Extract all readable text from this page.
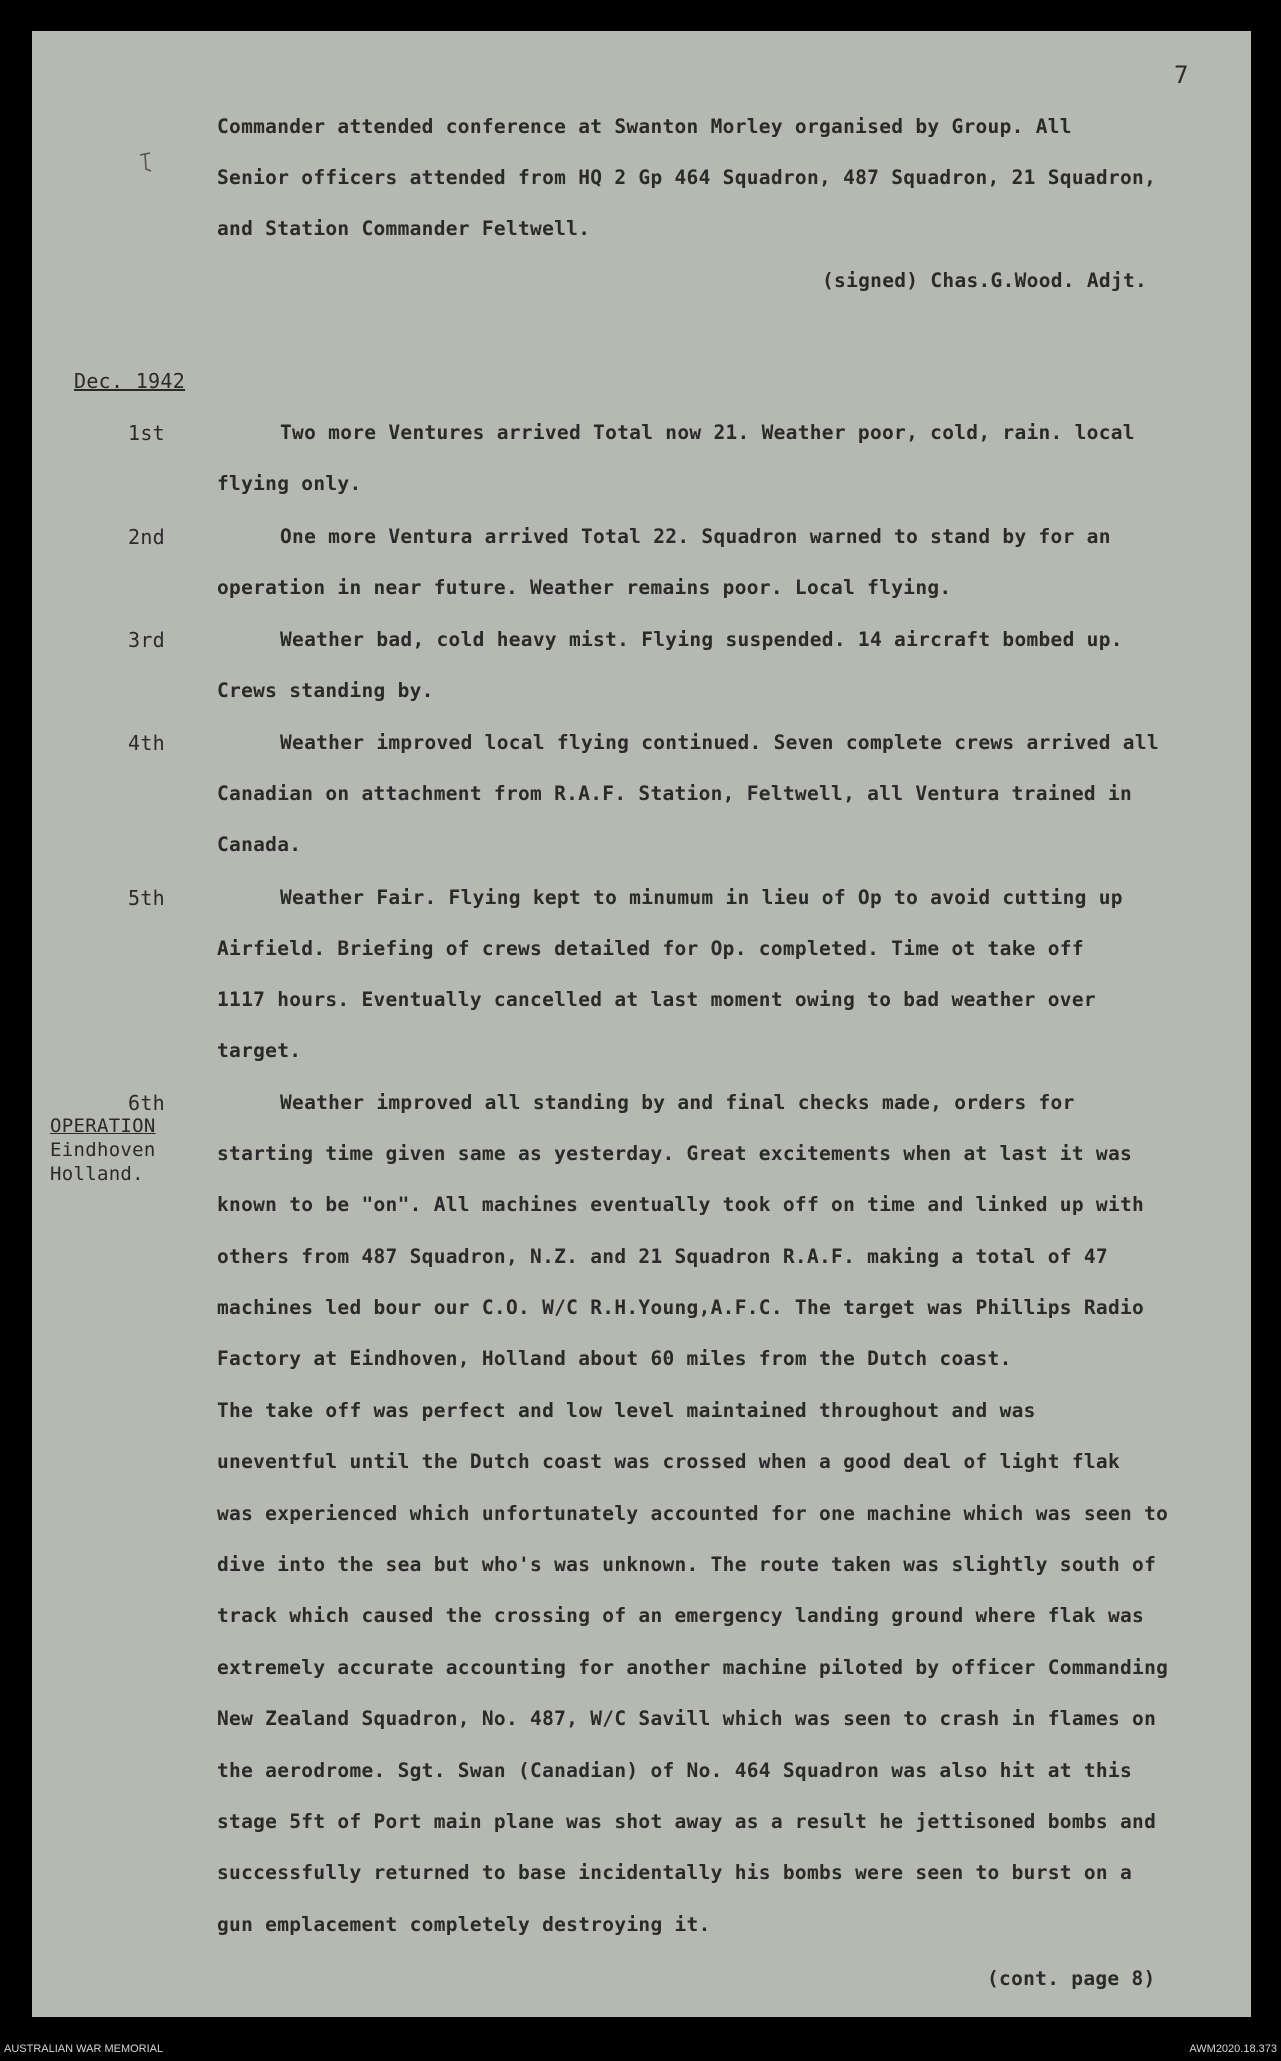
7
Commander attended conference at Swanton Morley organised by Group. All
Senior officers attended from HQ 2 Gp 464 Squadron, 487 Squadron, 21 Squadron,
and Station Commander Feltwell.
(signed) Chas.G.Wood. Adjt.
Dec. 1942
1st	Two more Ventures arrived Total now 21. Weather poor, cold, rain. local
flying only.
2nd	One more Ventura arrived Total 22. Squadron warned to stand by for an
operation in near future. Weather remains poor. Local flying.
3rd	Weather bad, cold heavy mist. Flying suspended. 14 aircraft bombed up.
Crews standing by.
4th	Weather improved local flying continued. Seven complete crews arrived all
Canadian on attachment from R.A.F. Station, Feltwell, all Ventura trained in
Canada.
5th	Weather Fair. Flying kept to minumum in lieu of Op to avoid cutting up
Airfield. Briefing of crews detailed for Op. completed. Time ot take off
1117 hours. Eventually cancelled at last moment owing to bad weather over
target.
6th
OPERATION
Eindhoven
Holland.
Weather improved all standing by and final checks made, orders for
starting time given same as yesterday. Great excitements when at last it was
known to be "on". All machines eventually took off on time and linked up with
others from 487 Squadron, N.Z. and 21 Squadron R.A.F. making a total of 47
machines led bour our C.O. W/C R.H.Young,A.F.C. The target was Phillips Radio
Factory at Eindhoven, Holland about 60 miles from the Dutch coast.
The take off was perfect and low level maintained throughout and was
uneventful until the Dutch coast was crossed when a good deal of light flak
was experienced which unfortunately accounted for one machine which was seen to
dive into the sea but who's was unknown. The route taken was slightly south of
track which caused the crossing of an emergency landing ground where flak was
extremely accurate accounting for another machine piloted by officer Commanding
New Zealand Squadron, No. 487, W/C Savill which was seen to crash in flames on
the aerodrome. Sgt. Swan (Canadian) of No. 464 Squadron was also hit at this
stage 5ft of Port main plane was shot away as a result he jettisoned bombs and
successfully returned to base incidentally his bombs were seen to burst on a
gun emplacement completely destroying it.
(cont. page 8)
AUSTRALIAN WAR MEMORIAL	AWM2020.18.373
